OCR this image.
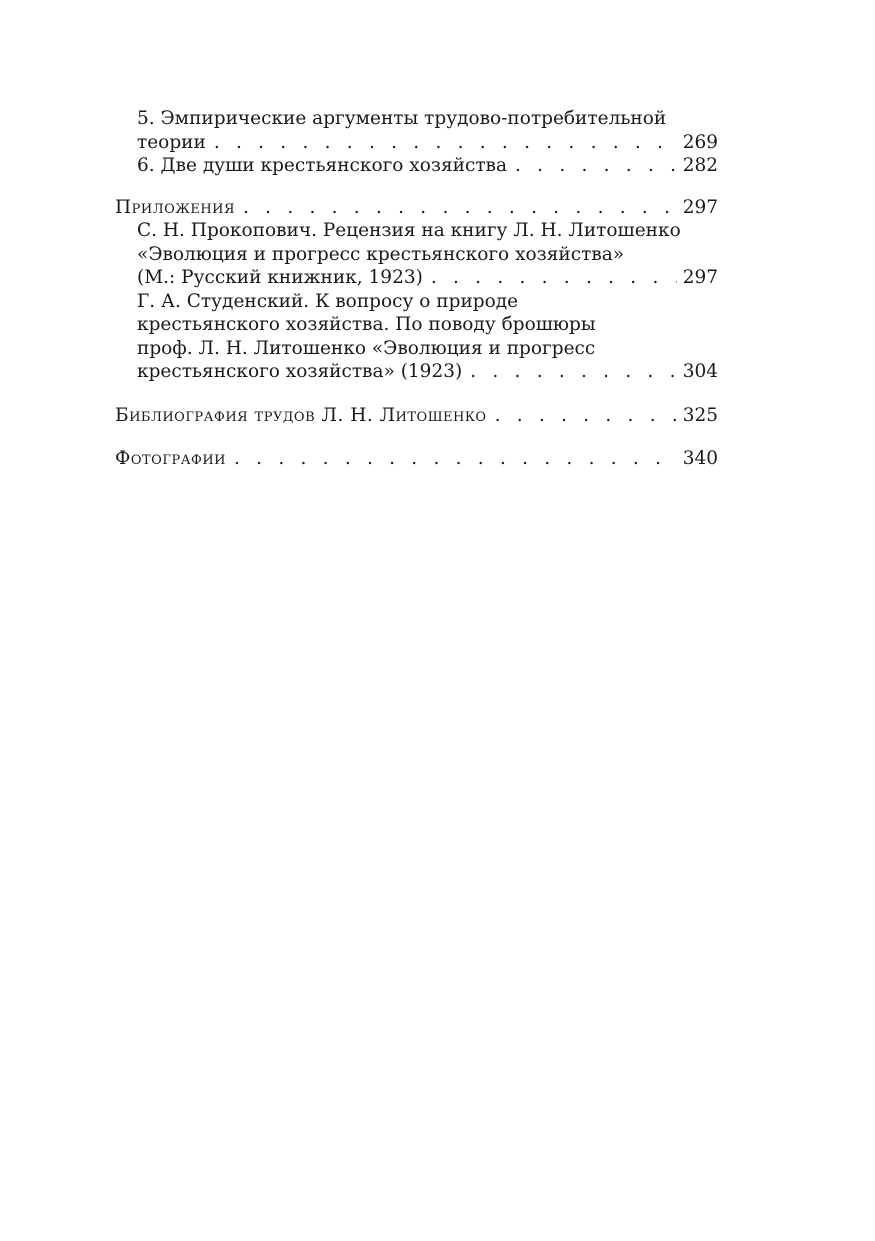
5. Эмпирические аргументы трудово-потребительной
теории . . .	269
6. Две души крестьянского хозяйства . . .	282
Приложения . . .	297
С. Н. Прокопович. Рецензия на книгу Л. Н. Литошенко
«Эволюция и прогресс крестьянского хозяйства»
(М.: Русский книжник, 1923) . . .	297
Г. А. Студенский. К вопросу о природе
крестьянского хозяйства. По поводу брошюры
проф. Л. Н. Литошенко «Эволюция и прогресс
крестьянского хозяйства» (1923) . . .	304
Библиография трудов Л. Н. Литошенко . . .	325
Фотографии . . .	340
